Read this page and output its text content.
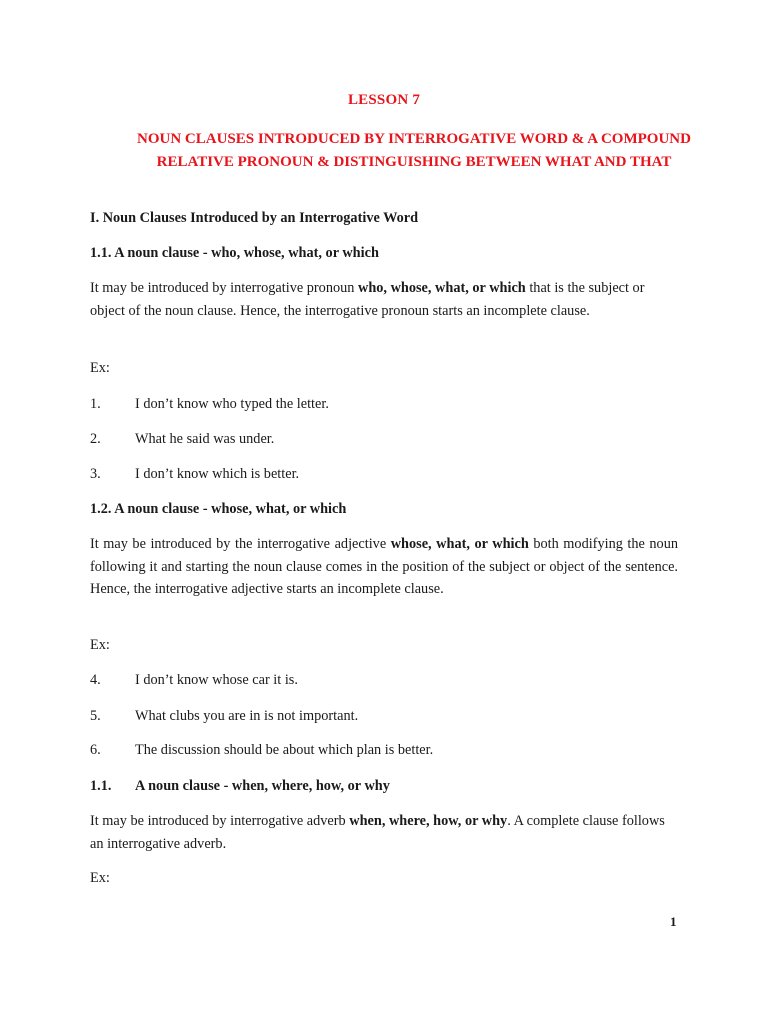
LESSON 7
NOUN CLAUSES INTRODUCED BY INTERROGATIVE WORD & A COMPOUND RELATIVE PRONOUN & DISTINGUISHING BETWEEN WHAT AND THAT
I. Noun Clauses Introduced by an Interrogative Word
1.1. A noun clause - who, whose, what, or which
It may be introduced by interrogative pronoun who, whose, what, or which that is the subject or object of the noun clause. Hence, the interrogative pronoun starts an incomplete clause.
Ex:
1. I don’t know who typed the letter.
2. What he said was under.
3. I don’t know which is better.
1.2. A noun clause - whose, what, or which
It may be introduced by the interrogative adjective whose, what, or which both modifying the noun following it and starting the noun clause comes in the position of the subject or object of the sentence. Hence, the interrogative adjective starts an incomplete clause.
Ex:
4. I don’t know whose car it is.
5. What clubs you are in is not important.
6. The discussion should be about which plan is better.
1.1. A noun clause - when, where, how, or why
It may be introduced by interrogative adverb when, where, how, or why. A complete clause follows an interrogative adverb.
Ex:
1
